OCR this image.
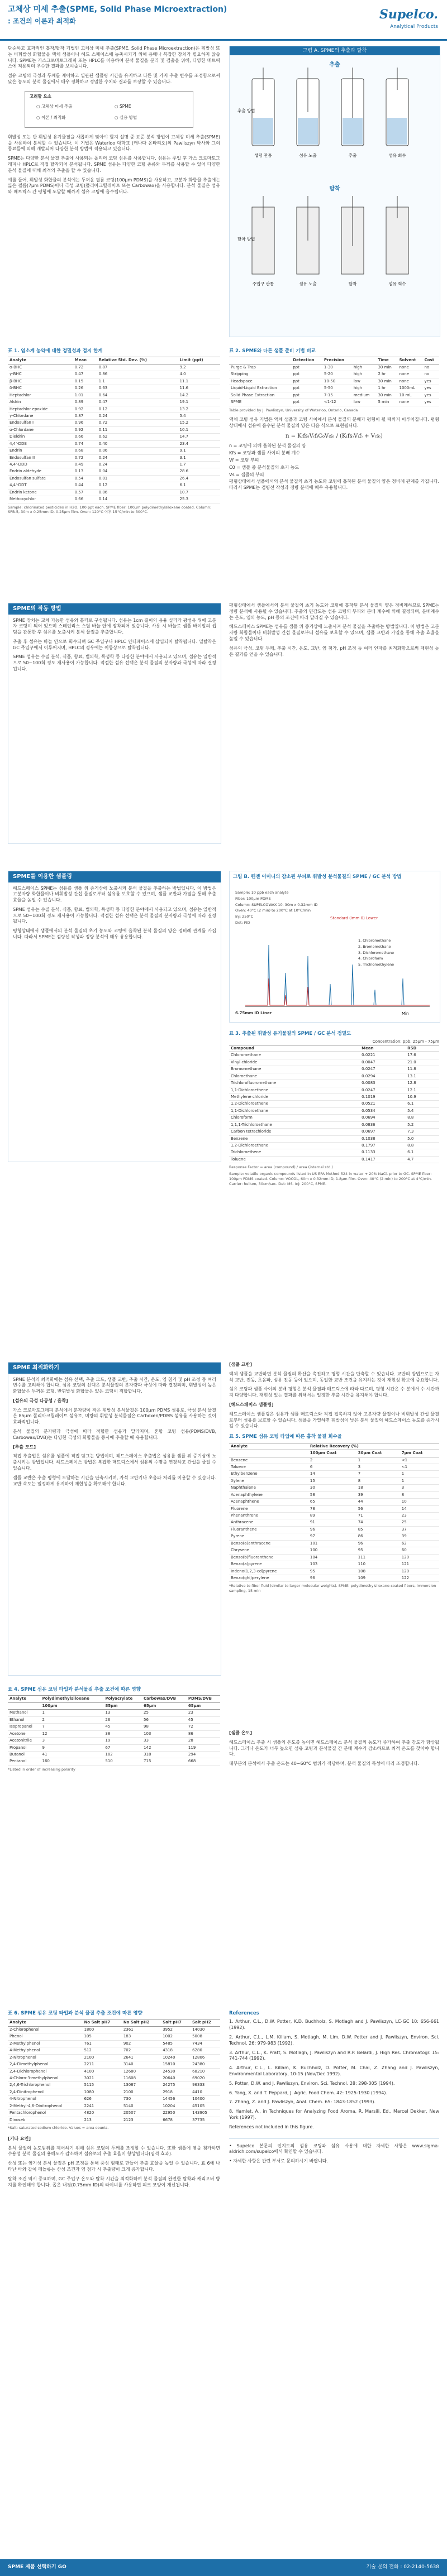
고체상 미세 추출(SPME, Solid Phase Microextraction)
: 조건의 이론과 최적화	Supelco.
Analytical Products

단순하고 효과적인 흡착/탈착 기법인 고체상 미세 추출(SPME, Solid Phase Microextraction)은 휘발성 또는 비휘발성 화합물을 액체 샘플이나 헤드 스페이스에 농축시키기 위해 용매나 복잡한 장치가 필요하지 않습니다. SPME는 가스크로마토그래피 또는 HPLC를 이용하여 분석 물질을 분리 및 검출을 위해, 다양한 매트릭스에 적용되며 우수한 결과를 보여줍니다.

섬유 코팅의 극성과 두께를 제어하고 일관된 샘플링 시간을 유지하고 다른 몇 가지 추출 변수를 조정함으로써 낮은 농도의 분석 물질에서 매우 정확하고 정밀한 수치와 결과를 보장할 수 있습니다.

고려할 요소
○ 고체상 미세 추출	○ SPME
○ 이론 / 최적화	○ 실용 방법

휘발성 또는 반 휘발성 유기물질을 새롭하게 맞아야 할지 설명 중 표준 분석 방법이 고체상 미세 추출(SPME)을 사용하여 분석할 수 있습니다. 이 기법은 Waterloo 대학교 (캐나다 온타리오)의 Pawliszyn 박사와 그의 동료들에 의해 개발되어 다양한 분석 방법에 적용되고 있습니다.

SPME는 다양한 분석 물질 추출에 사용되는 폴리머 코팅 섬유를 사용합니다. 섬유는 주입 후 가스 크로마토그래피나 HPLC로 직접 탈착되어 분석됩니다. SPME 섬유는 다양한 코팅 종류와 두께를 사용할 수 있어 다양한 분석 물질에 대해 최적의 추출을 할 수 있습니다.

예를 들어, 휘발성 화합물의 분석에는 두꺼운 필름 코팅(100μm PDMS)을 사용하고, 고분자 화합물 추출에는 얇은 필름(7μm PDMS)이나 극성 코팅(폴리아크릴레이트 또는 Carbowax)을 사용합니다. 분석 물질은 섬유와 매트릭스 간 평형에 도달할 때까지 섬유 코팅에 흡수됩니다.

그림 A. SPME의 추출과 탈착
추출
셉텀 관통	섬유 노출	추출	섬유 회수
추출 방법
탈착
주입구 관통	섬유 노출	탈착	섬유 회수
탈착 방법
표 1. 염소계 농약에 대한 정밀성과 검지 한계
Analyte	Mean	Relative Std. Dev. (%)	Limit (ppt)
α-BHC	0.72	0.87	9.2
γ-BHC	0.47	0.86	4.0
β-BHC	0.15	1.1	11.1
δ-BHC	0.26	0.63	11.6
Heptachlor	1.01	0.64	14.2
Aldrin	0.89	0.47	19.1
Heptachlor epoxide	0.92	0.12	13.2
γ-Chlordane	0.87	0.24	5.4
Endosulfan I	0.96	0.72	15.2
α-Chlordane	0.92	0.11	10.1
Dieldrin	0.66	0.62	14.7
4,4'-DDE	0.74	0.40	23.4
Endrin	0.68	0.06	9.1
Endosulfan II	0.72	0.24	3.1
4,4'-DDD	0.49	0.24	1.7
Endrin aldehyde	0.13	0.04	28.6
Endosulfan sulfate	0.54	0.01	26.4
4,4'-DDT	0.44	0.12	6.1
Endrin ketone	0.57	0.06	10.7
Methoxychlor	0.66	0.14	25.3
Sample: chlorinated pesticides in H2O, 100 ppt each. SPME fiber: 100μm polydimethylsiloxane coated. Column: SPB-5, 30m x 0.25mm ID, 0.25μm film. Oven: 120°C 이후 15°C/min to 300°C.
표 2. SPME와 다른 샘플 준비 기법 비교
	Detection	Precision		Time	Solvent	Cost
Purge & Trap	ppt	1-30	high	30 min	none	no
Stripping	ppt	5-20	high	2 hr	none	no
Headspace	ppt	10-50	low	30 min	none	yes
Liquid-Liquid Extraction	ppt	5-50	high	1 hr	1000mL	yes
Solid Phase Extraction	ppt	7-15	medium	30 min	10 mL	yes
SPME	ppt	<1-12	low	5 min	none	yes
Table provided by J. Pawliszyn, University of Waterloo, Ontario, Canada

액체 코팅 섬유 기법은 액체 샘플과 코팅 사이에서 분석 물질의 분배가 평형이 될 때까지 이루어집니다. 평형 상태에서 섬유에 흡수된 분석 물질의 양은 다음 식으로 표현됩니다.

n = K₍fs₎V₍f₎C₀V₍s₎ / (K₍fs₎V₍f₎ + V₍s₎)
n = 코팅에 의해 흡착된 분석 물질의 양
Kfs = 코팅과 샘플 사이의 분배 계수
Vf = 코팅 부피
C0 = 샘플 중 분석물질의 초기 농도
Vs = 샘플의 부피

평형상태에서 샘플에서의 분석 물질의 초기 농도와 코팅에 흡착된 분석 물질의 양은 정비례 관계를 가집니다. 따라서 SPME는 검량선 작성과 정량 분석에 매우 유용합니다.

SPME의 작동 방법

SPME 장치는 교체 가능한 섬유와 홀더로 구성됩니다. 섬유는 1cm 길이의 용융 실리카 광섬유 위에 고분자 코팅이 되어 있으며 스테인리스 스틸 바늘 안에 장착되어 있습니다. 사용 시 바늘로 샘플 바이알의 셉텀을 관통한 후 섬유를 노출시켜 분석 물질을 추출합니다.

추출 후 섬유는 바늘 안으로 회수되며 GC 주입구나 HPLC 인터페이스에 삽입되어 탈착됩니다. 열탈착은 GC 주입구에서 이루어지며, HPLC의 경우에는 이동상으로 탈착됩니다.

SPME 섬유는 수질 분석, 식품, 향료, 법의학, 독성학 등 다양한 분야에서 사용되고 있으며, 섬유는 일반적으로 50~100회 정도 재사용이 가능합니다. 적절한 섬유 선택은 분석 물질의 분자량과 극성에 따라 결정됩니다.

평형상태에서 샘플에서의 분석 물질의 초기 농도와 코팅에 흡착된 분석 물질의 양은 정비례하므로 SPME는 정량 분석에 사용될 수 있습니다. 추출의 민감도는 섬유 코팅의 부피와 분배 계수에 의해 결정되며, 분배계수는 온도, 염의 농도, pH 등의 조건에 따라 달라질 수 있습니다.

헤드스페이스 SPME는 섬유를 샘플 위 증기상에 노출시켜 분석 물질을 추출하는 방법입니다. 이 방법은 고분자량 화합물이나 비휘발성 간섭 물질로부터 섬유를 보호할 수 있으며, 샘플 교반과 가열을 통해 추출 효율을 높일 수 있습니다.

섬유의 극성, 코팅 두께, 추출 시간, 온도, 교반, 염 첨가, pH 조정 등 여러 인자를 최적화함으로써 재현성 높은 결과를 얻을 수 있습니다.

SPME를 이용한 샘플링

헤드스페이스 SPME는 섬유를 샘플 위 증기상에 노출시켜 분석 물질을 추출하는 방법입니다. 이 방법은 고분자량 화합물이나 비휘발성 간섭 물질로부터 섬유를 보호할 수 있으며, 샘플 교반과 가열을 통해 추출 효율을 높일 수 있습니다.

SPME 섬유는 수질 분석, 식품, 향료, 법의학, 독성학 등 다양한 분야에서 사용되고 있으며, 섬유는 일반적으로 50~100회 정도 재사용이 가능합니다. 적절한 섬유 선택은 분석 물질의 분자량과 극성에 따라 결정됩니다.

평형상태에서 샘플에서의 분석 물질의 초기 농도와 코팅에 흡착된 분석 물질의 양은 정비례 관계를 가집니다. 따라서 SPME는 검량선 작성과 정량 분석에 매우 유용합니다.

그림 B. 헨젠 어미니의 감소된 부피로 휘발성 분석물질의 SPME / GC 분석 방법
Sample: 10 ppb each analyte
Fiber: 100μm PDMS
Column: SUPELCOWAX 10, 30m x 0.32mm ID
Oven: 40°C (2 min) to 200°C at 10°C/min
Inj: 250°C
Det: FID
Standard (imm 0) Lower
Min
1. Chloromethane
2. Bromomethane
3. Dichloromethane
4. Chloroform
5. Trichloroethylene
6.75mm ID Liner
표 3. 추출된 휘발성 유기물질의 SPME / GC 분석 정밀도
Concentration: ppb, 25μm - 75μm
Compound	Mean	RSD
Chloromethane	0.0221	17.6
Vinyl chloride	0.0047	21.0
Bromomethane	0.0247	11.8
Chloroethane	0.0294	13.1
Trichlorofluoromethane	0.0083	12.8
1,1-Dichloroethene	0.0247	12.1
Methylene chloride	0.1019	10.9
1,2-Dichloroethene	0.0521	6.1
1,1-Dichloroethane	0.0534	5.4
Chloroform	0.0694	8.8
1,1,1-Trichloroethane	0.0836	5.2
Carbon tetrachloride	0.0697	7.3
Benzene	0.1038	5.0
1,2-Dichloroethane	0.1797	8.8
Trichloroethene	0.1133	6.1
Toluene	0.1417	4.7
Response Factor = area (compound) / area (internal std.)
Sample: volatile organic compounds listed in US EPA Method 524 in water + 20% NaCl, prior to GC. SPME fiber: 100μm PDMS coated. Column: VOCOL, 60m x 0.32mm ID, 1.8μm film. Oven: 40°C (2 min) to 200°C at 4°C/min. Carrier: helium, 30cm/sec. Det: MS. Inj: 200°C, SPME.
SPME 최적화하기

SPME 분석의 최적화에는 섬유 선택, 추출 모드, 샘플 교반, 추출 시간, 온도, 염 첨가 및 pH 조정 등 여러 변수를 고려해야 합니다. 섬유 코팅의 선택은 분석물질의 분자량과 극성에 따라 결정되며, 휘발성이 높은 화합물은 두꺼운 코팅, 반휘발성 화합물은 얇은 코팅이 적합합니다.

[섬유의 극성 다공성 / 흡착]

가스 크로마토그래피 분석에서 분자량이 작은 휘발성 분석물질은 100μm PDMS 섬유로, 극성 분석 물질은 85μm 폴리아크릴레이트 섬유로, 미량의 휘발성 분석물질은 Carboxen/PDMS 섬유를 사용하는 것이 효과적입니다.

분석 물질의 분자량과 극성에 따라 적합한 섬유가 달라지며, 혼합 코팅 섬유(PDMS/DVB, Carbowax/DVB)는 다양한 극성의 화합물을 동시에 추출할 때 유용합니다.

[추출 모드]

직접 추출법은 섬유를 샘플에 직접 담그는 방법이며, 헤드스페이스 추출법은 섬유를 샘플 위 증기상에 노출시키는 방법입니다. 헤드스페이스 방법은 복잡한 매트릭스에서 섬유의 수명을 연장하고 간섭을 줄일 수 있습니다.

샘플 교반은 추출 평형에 도달하는 시간을 단축시키며, 자석 교반기나 초음파 처리를 이용할 수 있습니다. 교반 속도는 일정하게 유지하여 재현성을 확보해야 합니다.

[샘플 교반]

액체 샘플을 교반하면 분석 물질의 확산을 촉진하고 평형 시간을 단축할 수 있습니다. 교반의 방법으로는 자석 교반, 진동, 초음파, 섬유 진동 등이 있으며, 동일한 교반 조건을 유지하는 것이 재현성 확보에 중요합니다.

섬유 코팅과 샘플 사이의 분배 평형은 분석 물질과 매트릭스에 따라 다르며, 평형 시간은 수 분에서 수 시간까지 다양합니다. 재현성 있는 결과를 위해서는 일정한 추출 시간을 유지해야 합니다.

[헤드스페이스 샘플링]

헤드스페이스 샘플링은 섬유가 샘플 매트릭스와 직접 접촉하지 않아 고분자량 물질이나 비휘발성 간섭 물질로부터 섬유를 보호할 수 있습니다. 샘플을 가열하면 휘발성이 낮은 분석 물질의 헤드스페이스 농도를 증가시킬 수 있습니다.

표 5. SPME 섬유 코팅 타입에 따른 흡착 물질 회수율
Analyte	Relative Recovery (%)		
	100μm Coat	30μm Coat	7μm Coat
Benzene	2	1	<1
Toluene	6	3	<1
Ethylbenzene	14	7	1
Xylene	15	8	1
Naphthalene	30	18	3
Acenaphthylene	58	39	8
Acenaphthene	65	44	10
Fluorene	78	56	14
Phenanthrene	89	71	23
Anthracene	91	74	25
Fluoranthene	96	85	37
Pyrene	97	86	39
Benzo(a)anthracene	101	96	62
Chrysene	100	95	60
Benzo(b)fluoranthene	104	111	120
Benzo(a)pyrene	103	110	121
Indeno(1,2,3-cd)pyrene	95	108	120
Benzo(ghi)perylene	96	109	122
*Relative to fiber fluid (similar to larger molecular weights). SPME: polydimethylsiloxane-coated fibers, immersion sampling, 15 min
표 4. SPME 섬유 코팅 타입과 분석물질 추출 조건에 따른 영향
Analyte	Polydimethylsiloxane	Polyacrylate	Carbowax/DVB	PDMS/DVB
	100μm	85μm	65μm	65μm
Methanol	1	13	25	23
Ethanol	2	26	56	45
Isopropanol	7	45	98	72
Acetone	12	38	103	86
Acetonitrile	3	19	33	28
Propanol	9	67	142	119
Butanol	41	182	318	294
Pentanol	160	510	715	668
*Listed in order of increasing polarity

[샘플 온도]

헤드스페이스 추출 시 샘플의 온도를 높이면 헤드스페이스 분석 물질의 농도가 증가하여 추출 감도가 향상됩니다. 그러나 온도가 너무 높으면 섬유 코팅과 분석물질 간 분배 계수가 감소하므로 최적 온도를 찾아야 합니다.

대부분의 분석에서 추출 온도는 40~60°C 범위가 적당하며, 분석 물질의 특성에 따라 조정합니다.

표 6. SPME 섬유 코팅 타입과 분석 물질 추출 조건에 따른 영향
Analyte	No Salt pH7	No Salt pH2	Salt pH7	Salt pH2
2-Chlorophenol	1800	2361	3952	14030
Phenol	105	183	1002	5008
2-Methylphenol	761	902	5485	7434
4-Methylphenol	512	702	4318	6280
2-Nitrophenol	2100	2641	10240	12806
2,4-Dimethylphenol	2211	3140	15810	24380
2,4-Dichlorophenol	4100	12680	24530	68210
4-Chloro-3-methylphenol	3021	11608	20640	69020
2,4,6-Trichlorophenol	5115	13087	24275	96333
2,4-Dinitrophenol	1080	2100	2918	4410
4-Nitrophenol	626	730	14456	10400
2-Methyl-4,6-Dinitrophenol	2241	5140	10204	45105
Pentachlorophenol	4820	20507	22950	143905
Dinoseb	213	2123	6678	37735
*Salt: saturated sodium chloride. Values = area counts.

[기타 요인]

분석 물질의 농도범위를 제어하기 위해 섬유 코팅의 두께를 조정할 수 있습니다. 또한 샘플에 염을 첨가하면 수용성 분석 물질의 용해도가 감소하여 섬유로의 추출 효율이 향상됩니다(염석 효과).

산성 또는 염기성 분석 물질은 pH 조정을 통해 중성 형태로 만들어 추출 효율을 높일 수 있습니다. 표 6에 나타난 바와 같이 페놀류는 산성 조건과 염 첨가 시 추출량이 크게 증가합니다.

탈착 조건 역시 중요하며, GC 주입구 온도와 탈착 시간을 최적화하여 분석 물질의 완전한 탈착과 캐리오버 방지를 확인해야 합니다. 좁은 내경(0.75mm ID)의 라이너를 사용하면 피크 모양이 개선됩니다.

References
1. Arthur, C.L., D.W. Potter, K.D. Buchholz, S. Motlagh and J. Pawliszyn, LC-GC 10: 656-661 (1992).
2. Arthur, C.L., L.M. Killam, S. Motlagh, M. Lim, D.W. Potter and J. Pawliszyn, Environ. Sci. Technol. 26: 979-983 (1992).
3. Arthur, C.L., K. Pratt, S. Motlagh, J. Pawliszyn and R.P. Belardi, J. High Res. Chromatogr. 15: 741-744 (1992).
4. Arthur, C.L., L. Killam, K. Buchholz, D. Potter, M. Chai, Z. Zhang and J. Pawliszyn, Environmental Laboratory, 10-15 (Nov/Dec 1992).
5. Potter, D.W. and J. Pawliszyn, Environ. Sci. Technol. 28: 298-305 (1994).
6. Yang, X. and T. Peppard, J. Agric. Food Chem. 42: 1925-1930 (1994).
7. Zhang, Z. and J. Pawliszyn, Anal. Chem. 65: 1843-1852 (1993).
8. Hamlet, A., in Techniques for Analyzing Food Aroma, R. Marsili, Ed., Marcel Dekker, New York (1997).
References not included in this figure.

• Supelco 본문의 인지도의 섬유 코팅과 섬유 사용에 대한 자세한 사항은 www.sigma-aldrich.com/supelco에서 확인할 수 있습니다.

• 자세한 사항은 관련 부서로 문의하시기 바랍니다.

SPME 제품 선택하기 GO	기술 문의 전화 : 02-2140-5638
